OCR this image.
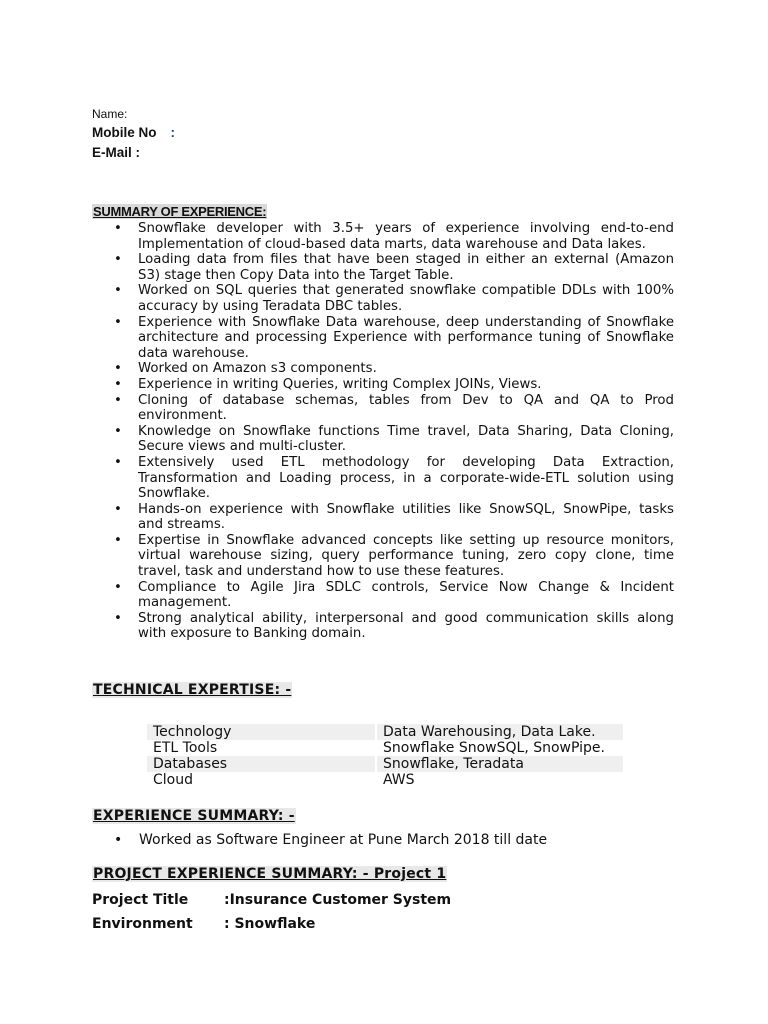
Name:
Mobile No :
E-Mail :
SUMMARY OF EXPERIENCE:
• Snowflake developer with 3.5+ years of experience involving end-to-end Implementation of cloud-based data marts, data warehouse and Data lakes.
• Loading data from files that have been staged in either an external (Amazon S3) stage then Copy Data into the Target Table.
• Worked on SQL queries that generated snowflake compatible DDLs with 100% accuracy by using Teradata DBC tables.
• Experience with Snowflake Data warehouse, deep understanding of Snowflake architecture and processing Experience with performance tuning of Snowflake data warehouse.
• Worked on Amazon s3 components.
• Experience in writing Queries, writing Complex JOINs, Views.
• Cloning of database schemas, tables from Dev to QA and QA to Prod environment.
• Knowledge on Snowflake functions Time travel, Data Sharing, Data Cloning, Secure views and multi-cluster.
• Extensively used ETL methodology for developing Data Extraction, Transformation and Loading process, in a corporate-wide-ETL solution using Snowflake.
• Hands-on experience with Snowflake utilities like SnowSQL, SnowPipe, tasks and streams.
• Expertise in Snowflake advanced concepts like setting up resource monitors, virtual warehouse sizing, query performance tuning, zero copy clone, time travel, task and understand how to use these features.
• Compliance to Agile Jira SDLC controls, Service Now Change & Incident management.
• Strong analytical ability, interpersonal and good communication skills along with exposure to Banking domain.
TECHNICAL EXPERTISE: -
Technology	Data Warehousing, Data Lake.
ETL Tools	Snowflake SnowSQL, SnowPipe.
Databases	Snowflake, Teradata
Cloud	AWS
EXPERIENCE SUMMARY: -
• Worked as Software Engineer at Pune March 2018 till date
PROJECT EXPERIENCE SUMMARY: - Project 1
Project Title	:Insurance Customer System
Environment : Snowflake
